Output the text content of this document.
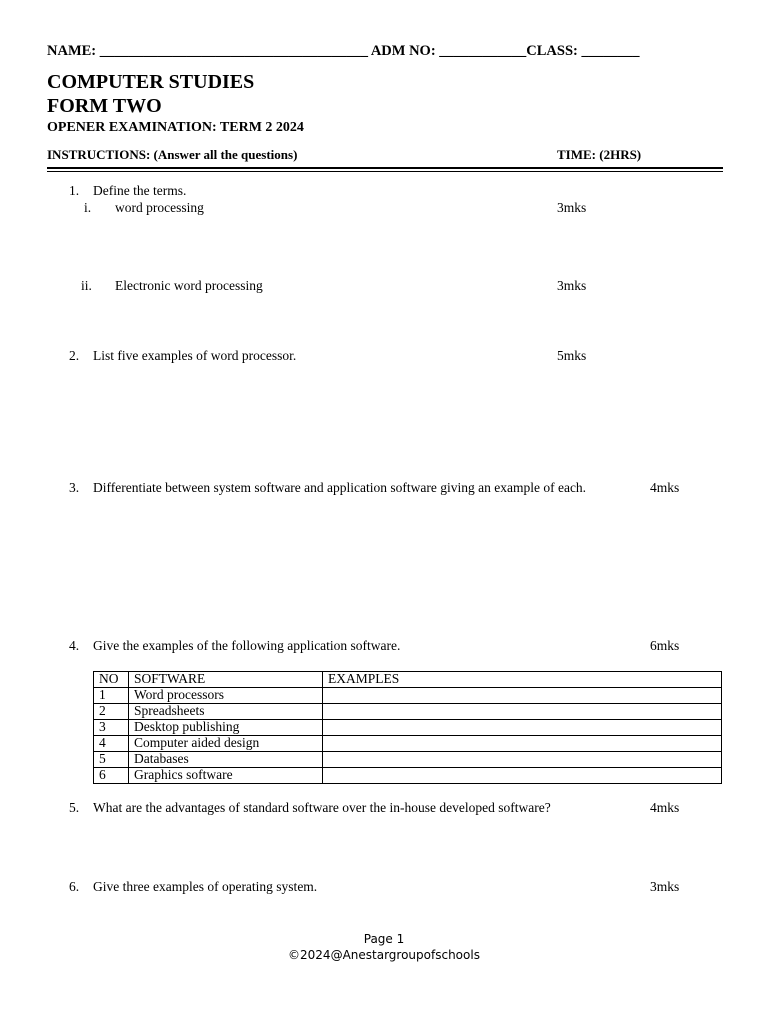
NAME: _____________________________________ ADM NO: ____________CLASS: ________
COMPUTER STUDIES
FORM TWO
OPENER EXAMINATION: TERM 2 2024
INSTRUCTIONS: (Answer all the questions)	TIME: (2HRS)
1. Define the terms.
i. word processing	3mks
ii. Electronic word processing	3mks
2. List five examples of word processor.	5mks
3. Differentiate between system software and application software giving an example of each.	4mks
4. Give the examples of the following application software.	6mks
NO	SOFTWARE	EXAMPLES
1	Word processors	
2	Spreadsheets	
3	Desktop publishing	
4	Computer aided design	
5	Databases	
6	Graphics software	
5. What are the advantages of standard software over the in-house developed software?	4mks
6. Give three examples of operating system.	3mks
Page 1
©2024@Anestargroupofschools
